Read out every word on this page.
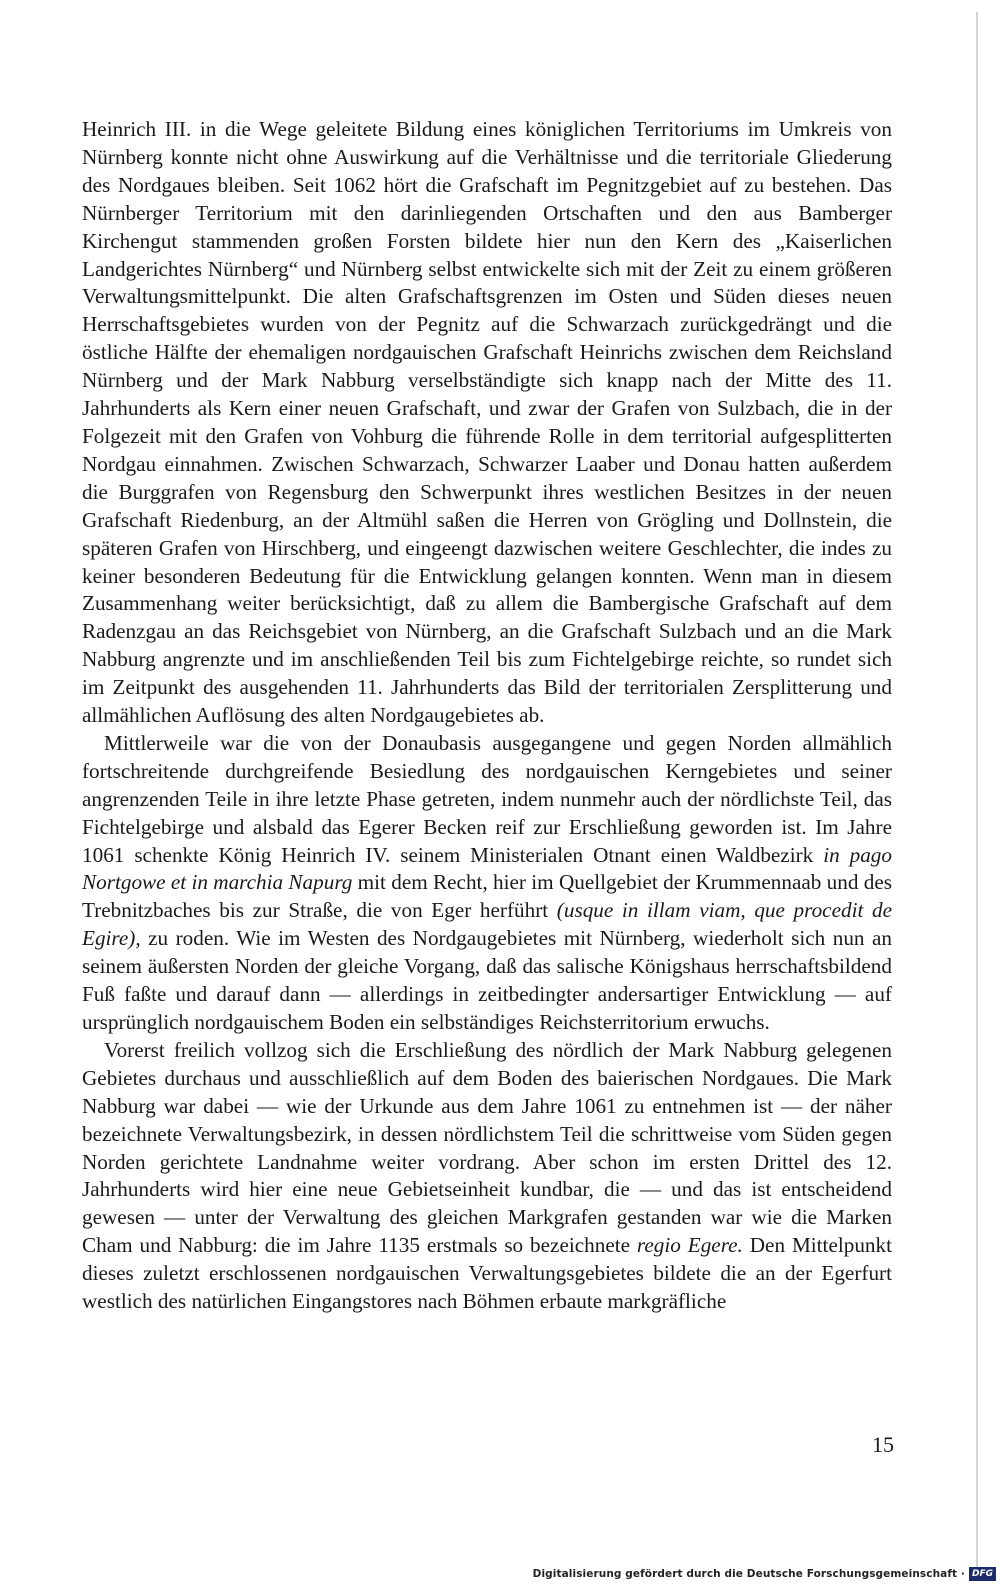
Heinrich III. in die Wege geleitete Bildung eines königlichen Territoriums im Umkreis von Nürnberg konnte nicht ohne Auswirkung auf die Verhältnisse und die territoriale Gliederung des Nordgaues bleiben. Seit 1062 hört die Grafschaft im Pegnitzgebiet auf zu bestehen. Das Nürnberger Territorium mit den darinliegenden Ortschaften und den aus Bamberger Kirchengut stammenden großen Forsten bildete hier nun den Kern des „Kaiserlichen Landgerichtes Nürnberg“ und Nürnberg selbst entwickelte sich mit der Zeit zu einem größeren Verwaltungsmittelpunkt. Die alten Grafschaftsgrenzen im Osten und Süden dieses neuen Herrschaftsgebietes wurden von der Pegnitz auf die Schwarzach zurückgedrängt und die östliche Hälfte der ehemaligen nordgauischen Grafschaft Heinrichs zwischen dem Reichsland Nürnberg und der Mark Nabburg verselbständigte sich knapp nach der Mitte des 11. Jahrhunderts als Kern einer neuen Grafschaft, und zwar der Grafen von Sulzbach, die in der Folgezeit mit den Grafen von Vohburg die führende Rolle in dem territorial aufgesplitterten Nordgau einnahmen. Zwischen Schwarzach, Schwarzer Laaber und Donau hatten außerdem die Burggrafen von Regensburg den Schwerpunkt ihres westlichen Besitzes in der neuen Grafschaft Riedenburg, an der Altmühl saßen die Herren von Grögling und Dollnstein, die späteren Grafen von Hirschberg, und eingeengt dazwischen weitere Geschlechter, die indes zu keiner besonderen Bedeutung für die Entwicklung gelangen konnten. Wenn man in diesem Zusammenhang weiter berücksichtigt, daß zu allem die Bambergische Grafschaft auf dem Radenzgau an das Reichsgebiet von Nürnberg, an die Grafschaft Sulzbach und an die Mark Nabburg angrenzte und im anschließenden Teil bis zum Fichtelgebirge reichte, so rundet sich im Zeitpunkt des ausgehenden 11. Jahrhunderts das Bild der territorialen Zersplitterung und allmählichen Auflösung des alten Nordgaugebietes ab.

Mittlerweile war die von der Donaubasis ausgegangene und gegen Norden allmählich fortschreitende durchgreifende Besiedlung des nordgauischen Kerngebietes und seiner angrenzenden Teile in ihre letzte Phase getreten, indem nunmehr auch der nördlichste Teil, das Fichtelgebirge und alsbald das Egerer Becken reif zur Erschließung geworden ist. Im Jahre 1061 schenkte König Heinrich IV. seinem Ministerialen Otnant einen Waldbezirk in pago Nortgowe et in marchia Napurg mit dem Recht, hier im Quellgebiet der Krummennaab und des Trebnitzbaches bis zur Straße, die von Eger herführt (usque in illam viam, que procedit de Egire), zu roden. Wie im Westen des Nordgaugebietes mit Nürnberg, wiederholt sich nun an seinem äußersten Norden der gleiche Vorgang, daß das salische Königshaus herrschaftsbildend Fuß faßte und darauf dann — allerdings in zeitbedingter andersartiger Entwicklung — auf ursprünglich nordgauischem Boden ein selbständiges Reichsterritorium erwuchs.

Vorerst freilich vollzog sich die Erschließung des nördlich der Mark Nabburg gelegenen Gebietes durchaus und ausschließlich auf dem Boden des baierischen Nordgaues. Die Mark Nabburg war dabei — wie der Urkunde aus dem Jahre 1061 zu entnehmen ist — der näher bezeichnete Verwaltungsbezirk, in dessen nördlichstem Teil die schrittweise vom Süden gegen Norden gerichtete Landnahme weiter vordrang. Aber schon im ersten Drittel des 12. Jahrhunderts wird hier eine neue Gebietseinheit kundbar, die — und das ist entscheidend gewesen — unter der Verwaltung des gleichen Markgrafen gestanden war wie die Marken Cham und Nabburg: die im Jahre 1135 erstmals so bezeichnete regio Egere. Den Mittelpunkt dieses zuletzt erschlossenen nordgauischen Verwaltungsgebietes bildete die an der Egerfurt westlich des natürlichen Eingangstores nach Böhmen erbaute markgräfliche

15
Digitalisierung gefördert durch die Deutsche Forschungsgemeinschaft · DFG
